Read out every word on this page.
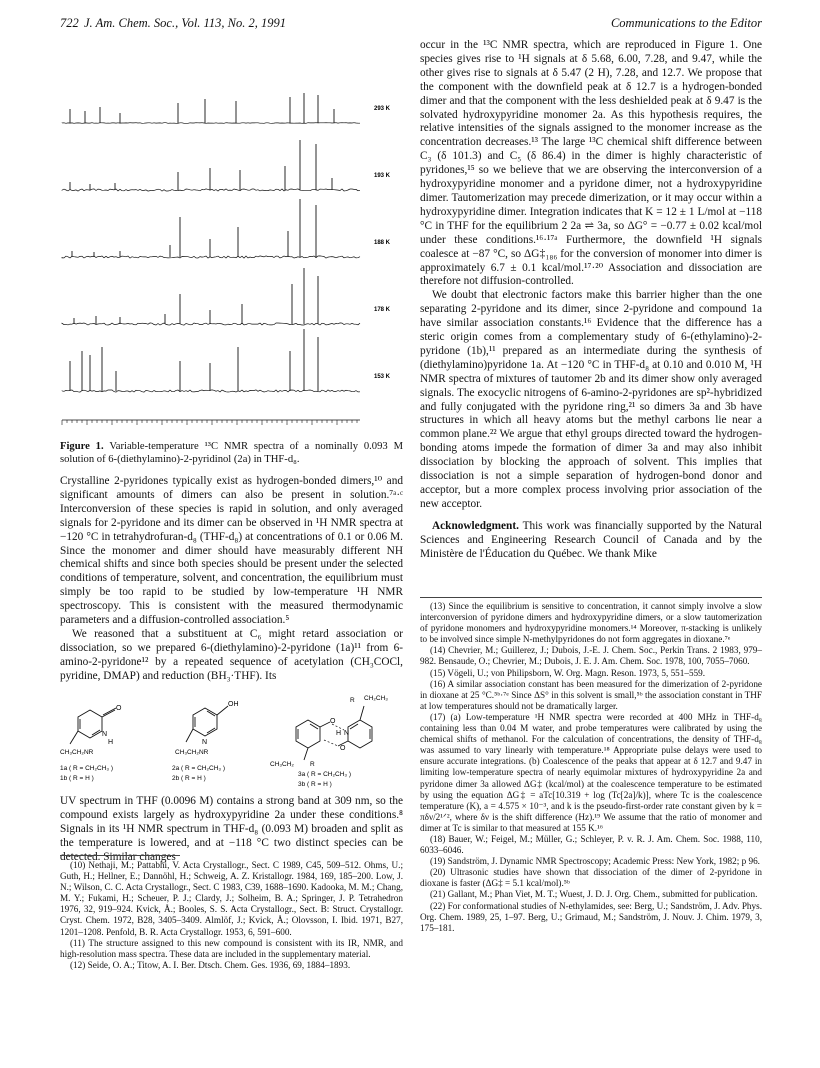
722 J. Am. Chem. Soc., Vol. 113, No. 2, 1991	Communications to the Editor
293 K
193 K
188 K
178 K
153 K
Figure 1. Variable-temperature ¹³C NMR spectra of a nominally 0.093 M solution of 6-(diethylamino)-2-pyridinol (2a) in THF-d₈.

Crystalline 2-pyridones typically exist as hydrogen-bonded dimers,¹⁰ and significant amounts of dimers can also be present in solution.⁷ᵃ·ᶜ Interconversion of these species is rapid in solution, and only averaged signals for 2-pyridone and its dimer can be observed in ¹H NMR spectra at −120 °C in tetrahydrofuran-d₈ (THF-d₈) at concentrations of 0.1 or 0.06 M. Since the monomer and dimer should have measurably different NH chemical shifts and since both species should be present under the selected conditions of temperature, solvent, and concentration, the equilibrium must simply be too rapid to be studied by low-temperature ¹H NMR spectroscopy. This is consistent with the measured thermodynamic parameters and a diffusion-controlled association.⁵

We reasoned that a substituent at C₆ might retard association or dissociation, so we prepared 6-(diethylamino)-2-pyridone (1a)¹¹ from 6-amino-2-pyridone¹² by a repeated sequence of acetylation (CH₃COCl, pyridine, DMAP) and reduction (BH₃·THF). Its

O
N
H
CH₃CH₂NR
OH
N
CH₃CH₂NR
O
H N
O
R CH₂CH₃
CH₃CH₂ R
1a ( R = CH₂CH₃ )
1b ( R = H )
2a ( R = CH₂CH₃ )
2b ( R = H )
3a ( R = CH₂CH₃ )
3b ( R = H )

UV spectrum in THF (0.0096 M) contains a strong band at 309 nm, so the compound exists largely as hydroxypyridine 2a under these conditions.⁸ Signals in its ¹H NMR spectrum in THF-d₈ (0.093 M) broaden and split as the temperature is lowered, and at −118 °C two distinct species can be detected. Similar changes

(10) Nethaji, M.; Pattabhi, V. Acta Crystallogr., Sect. C 1989, C45, 509–512. Ohms, U.; Guth, H.; Hellner, E.; Dannöhl, H.; Schweig, A. Z. Kristallogr. 1984, 169, 185–200. Low, J. N.; Wilson, C. C. Acta Crystallogr., Sect. C 1983, C39, 1688–1690. Kadooka, M. M.; Chang, M. Y.; Fukami, H.; Scheuer, P. J.; Clardy, J.; Solheim, B. A.; Springer, J. P. Tetrahedron 1976, 32, 919–924. Kvick, Å.; Booles, S. S. Acta Crystallogr., Sect. B: Struct. Crystallogr. Cryst. Chem. 1972, B28, 3405–3409. Almlöf, J.; Kvick, Å.; Olovsson, I. Ibid. 1971, B27, 1201–1208. Penfold, B. R. Acta Crystallogr. 1953, 6, 591–600.

(11) The structure assigned to this new compound is consistent with its IR, NMR, and high-resolution mass spectra. These data are included in the supplementary material.

(12) Seide, O. A.; Titow, A. I. Ber. Dtsch. Chem. Ges. 1936, 69, 1884–1893.

occur in the ¹³C NMR spectra, which are reproduced in Figure 1. One species gives rise to ¹H signals at δ 5.68, 6.00, 7.28, and 9.47, while the other gives rise to signals at δ 5.47 (2 H), 7.28, and 12.7. We propose that the component with the downfield peak at δ 12.7 is a hydrogen-bonded dimer and that the component with the less deshielded peak at δ 9.47 is the solvated hydroxypyridine monomer 2a. As this hypothesis requires, the relative intensities of the signals assigned to the monomer increase as the concentration decreases.¹³ The large ¹³C chemical shift difference between C₃ (δ 101.3) and C₅ (δ 86.4) in the dimer is highly characteristic of pyridones,¹⁵ so we believe that we are observing the interconversion of a hydroxypyridine monomer and a pyridone dimer, not a hydroxypyridine dimer. Tautomerization may precede dimerization, or it may occur within a hydroxypyridine dimer. Integration indicates that K = 12 ± 1 L/mol at −118 °C in THF for the equilibrium 2 2a ⇌ 3a, so ΔG° = −0.77 ± 0.02 kcal/mol under these conditions.¹⁶·¹⁷ᵃ Furthermore, the downfield ¹H signals coalesce at −87 °C, so ΔG‡₁₈₆ for the conversion of monomer into dimer is approximately 6.7 ± 0.1 kcal/mol.¹⁷·²⁰ Association and dissociation are therefore not diffusion-controlled.

We doubt that electronic factors make this barrier higher than the one separating 2-pyridone and its dimer, since 2-pyridone and compound 1a have similar association constants.¹⁶ Evidence that the difference has a steric origin comes from a complementary study of 6-(ethylamino)-2-pyridone (1b),¹¹ prepared as an intermediate during the synthesis of (diethylamino)pyridone 1a. At −120 °C in THF-d₈ at 0.10 and 0.010 M, ¹H NMR spectra of mixtures of tautomer 2b and its dimer show only averaged signals. The exocyclic nitrogens of 6-amino-2-pyridones are sp²-hybridized and fully conjugated with the pyridone ring,²¹ so dimers 3a and 3b have structures in which all heavy atoms but the methyl carbons lie near a common plane.²² We argue that ethyl groups directed toward the hydrogen-bonding atoms impede the formation of dimer 3a and may also inhibit dissociation by blocking the approach of solvent. This implies that dissociation is not a simple separation of hydrogen-bond donor and acceptor, but a more complex process involving prior association of the new acceptor.

Acknowledgment. This work was financially supported by the Natural Sciences and Engineering Research Council of Canada and by the Ministère de l'Éducation du Québec. We thank Mike

(13) Since the equilibrium is sensitive to concentration, it cannot simply involve a slow interconversion of pyridone dimers and hydroxypyridine dimers, or a slow tautomerization of pyridone monomers and hydroxypyridine monomers.¹⁴ Moreover, π-stacking is unlikely to be involved since simple N-methylpyridones do not form aggregates in dioxane.⁷ᵉ

(14) Chevrier, M.; Guillerez, J.; Dubois, J.-E. J. Chem. Soc., Perkin Trans. 2 1983, 979–982. Bensaude, O.; Chevrier, M.; Dubois, J. E. J. Am. Chem. Soc. 1978, 100, 7055–7060.

(15) Vögeli, U.; von Philipsborn, W. Org. Magn. Reson. 1973, 5, 551–559.

(16) A similar association constant has been measured for the dimerization of 2-pyridone in dioxane at 25 °C.⁵ᵇ·⁷ᵉ Since ΔS° in this solvent is small,⁵ᵇ the association constant in THF at low temperatures should not be dramatically larger.

(17) (a) Low-temperature ¹H NMR spectra were recorded at 400 MHz in THF-d₈ containing less than 0.04 M water, and probe temperatures were calibrated by using the chemical shifts of methanol. For the calculation of concentrations, the density of THF-d₈ was assumed to vary linearly with temperature.¹⁸ Appropriate pulse delays were used to ensure accurate integrations. (b) Coalescence of the peaks that appear at δ 12.7 and 9.47 in limiting low-temperature spectra of nearly equimolar mixtures of hydroxypyridine 2a and pyridone dimer 3a allowed ΔG‡ (kcal/mol) at the coalescence temperature to be estimated by using the equation ΔG‡ = aTc[10.319 + log (Tc[2a]/k)], where Tc is the coalescence temperature (K), a = 4.575 × 10⁻³, and k is the pseudo-first-order rate constant given by k = πδν/2¹ᐟ², where δν is the shift difference (Hz).¹⁹ We assume that the ratio of monomer and dimer at Tc is similar to that measured at 155 K.¹⁶

(18) Bauer, W.; Feigel, M.; Müller, G.; Schleyer, P. v. R. J. Am. Chem. Soc. 1988, 110, 6033–6046.

(19) Sandström, J. Dynamic NMR Spectroscopy; Academic Press: New York, 1982; p 96.

(20) Ultrasonic studies have shown that dissociation of the dimer of 2-pyridone in dioxane is faster (ΔG‡ = 5.1 kcal/mol).⁵ᵇ

(21) Gallant, M.; Phan Viet, M. T.; Wuest, J. D. J. Org. Chem., submitted for publication.

(22) For conformational studies of N-ethylamides, see: Berg, U.; Sandström, J. Adv. Phys. Org. Chem. 1989, 25, 1–97. Berg, U.; Grimaud, M.; Sandström, J. Nouv. J. Chim. 1979, 3, 175–181.
